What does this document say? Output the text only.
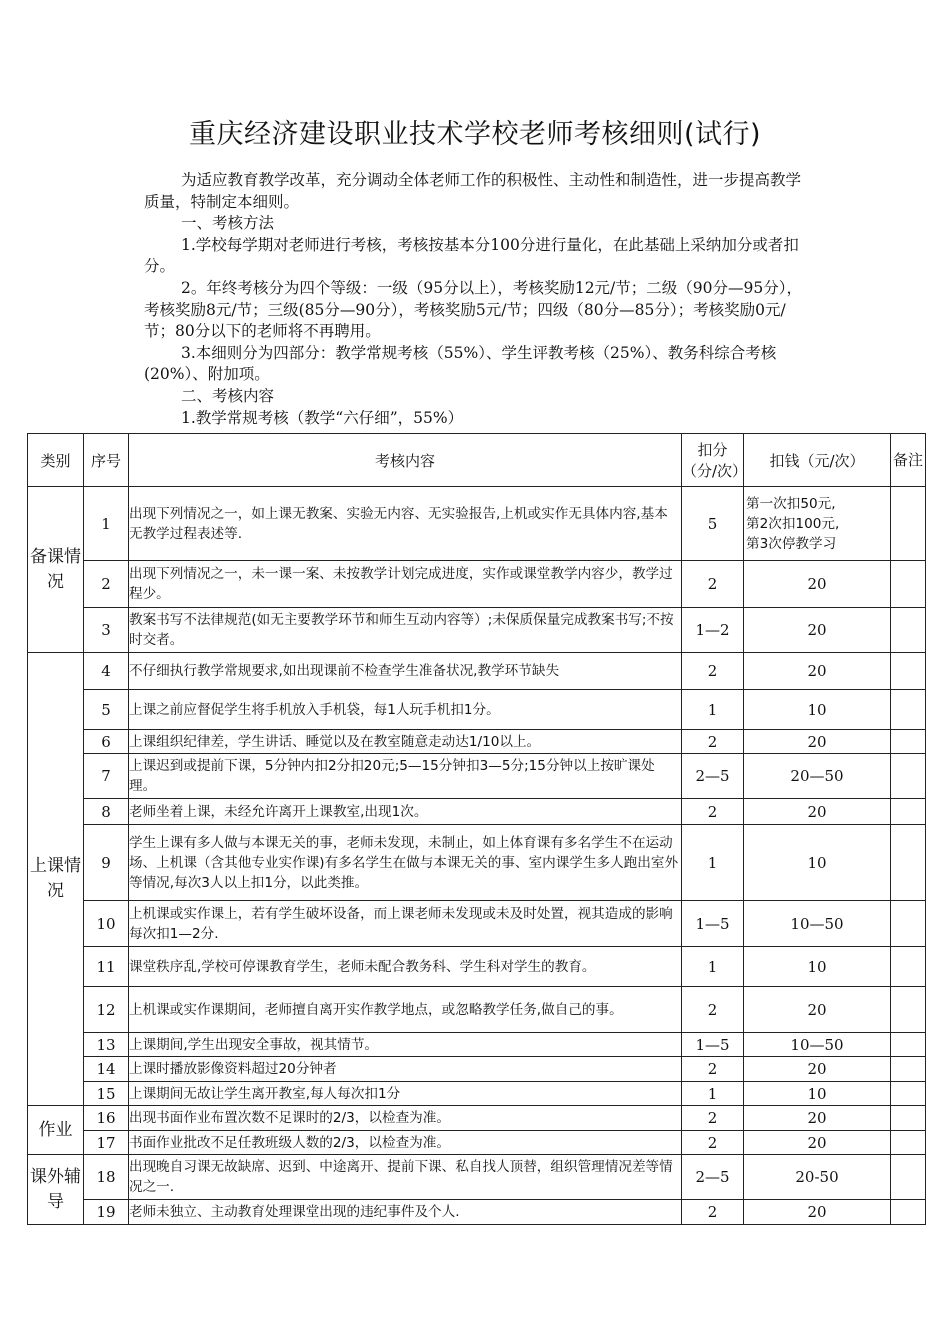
重庆经济建设职业技术学校老师考核细则(试行)

为适应教育教学改革，充分调动全体老师工作的积极性、主动性和制造性，进一步提高教学质量，特制定本细则。

一、考核方法

1.学校每学期对老师进行考核，考核按基本分100分进行量化，在此基础上采纳加分或者扣分。

2。年终考核分为四个等级：一级（95分以上），考核奖励12元/节；二级（90分—95分），考核奖励8元/节；三级(85分—90分），考核奖励5元/节；四级（80分—85分）；考核奖励0元/节；80分以下的老师将不再聘用。

3.本细则分为四部分：教学常规考核（55%）、学生评教考核（25%）、教务科综合考核(20%）、附加项。

二、考核内容

1.教学常规考核（教学“六仔细”，55%）

类别	序号	考核内容	扣分（分/次）	扣钱（元/次）	备注
备课情况	1	出现下列情况之一，如上课无教案、实验无内容、无实验报告,上机或实作无具体内容,基本无教学过程表述等.	5	第一次扣50元,
第2次扣100元,
第3次停教学习	

	2	出现下列情况之一，未一课一案、未按教学计划完成进度，实作或课堂教学内容少，教学过程少。	2	20	
	3	教案书写不法律规范(如无主要教学环节和师生互动内容等）;未保质保量完成教案书写;不按时交者。	1—2	20	
上课情况	4	不仔细执行教学常规要求,如出现课前不检查学生准备状况,教学环节缺失	2	20	
	5	上课之前应督促学生将手机放入手机袋，每1人玩手机扣1分。	1	10	
	6	上课组织纪律差，学生讲话、睡觉以及在教室随意走动达1/10以上。	2	20	
	7	上课迟到或提前下课，5分钟内扣2分扣20元;5—15分钟扣3—5分;15分钟以上按旷课处理。	2—5	20—50	
	8	老师坐着上课，未经允许离开上课教室,出现1次。	2	20	
	9	学生上课有多人做与本课无关的事，老师未发现，未制止，如上体育课有多名学生不在运动场、上机课（含其他专业实作课)有多名学生在做与本课无关的事、室内课学生多人跑出室外等情况,每次3人以上扣1分，以此类推。	1	10	
	10	上机课或实作课上，若有学生破坏设备，而上课老师未发现或未及时处置，视其造成的影响每次扣1—2分.	1—5	10—50	
	11	课堂秩序乱,学校可停课教育学生，老师未配合教务科、学生科对学生的教育。	1	10	
	12	上机课或实作课期间，老师擅自离开实作教学地点，或忽略教学任务,做自己的事。	2	20	
	13	上课期间,学生出现安全事故，视其情节。	1—5	10—50	
	14	上课时播放影像资料超过20分钟者	2	20	
	15	上课期间无故让学生离开教室,每人每次扣1分	1	10	
作业	16	出现书面作业布置次数不足课时的2/3，以检查为准。	2	20	
	17	书面作业批改不足任教班级人数的2/3，以检查为准。	2	20	
课外辅导	18	出现晚自习课无故缺席、迟到、中途离开、提前下课、私自找人顶替，组织管理情况差等情况之一.	2—5	20-50	
	19	老师未独立、主动教育处理课堂出现的违纪事件及个人.	2	20	
